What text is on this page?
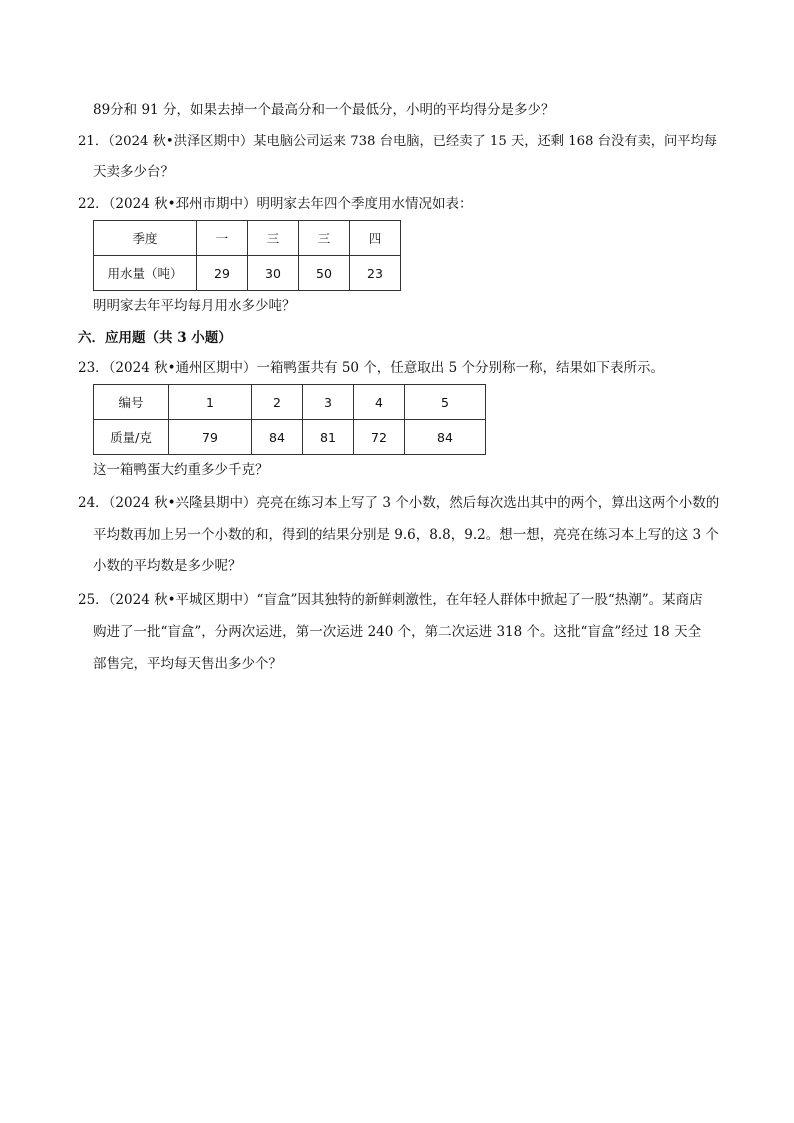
89分和 91 分，如果去掉一个最高分和一个最低分，小明的平均得分是多少？
21．（2024 秋•洪泽区期中）某电脑公司运来 738 台电脑，已经卖了 15 天，还剩 168 台没有卖，问平均每
天卖多少台？
22．（2024 秋•邳州市期中）明明家去年四个季度用水情况如表：
季度	一	三	三	四
用水量（吨）	29	30	50	23
明明家去年平均每月用水多少吨？
六．应用题（共 3 小题）
23．（2024 秋•通州区期中）一箱鸭蛋共有 50 个，任意取出 5 个分别称一称，结果如下表所示。
编号	1	2	3	4	5
质量/克	79	84	81	72	84
这一箱鸭蛋大约重多少千克？
24．（2024 秋•兴隆县期中）亮亮在练习本上写了 3 个小数，然后每次选出其中的两个，算出这两个小数的
平均数再加上另一个小数的和，得到的结果分别是 9.6，8.8，9.2。想一想，亮亮在练习本上写的这 3 个
小数的平均数是多少呢？
25．（2024 秋•平城区期中）“盲盒”因其独特的新鲜刺激性，在年轻人群体中掀起了一股“热潮”。某商店
购进了一批“盲盒”，分两次运进，第一次运进 240 个，第二次运进 318 个。这批“盲盒”经过 18 天全
部售完，平均每天售出多少个？
